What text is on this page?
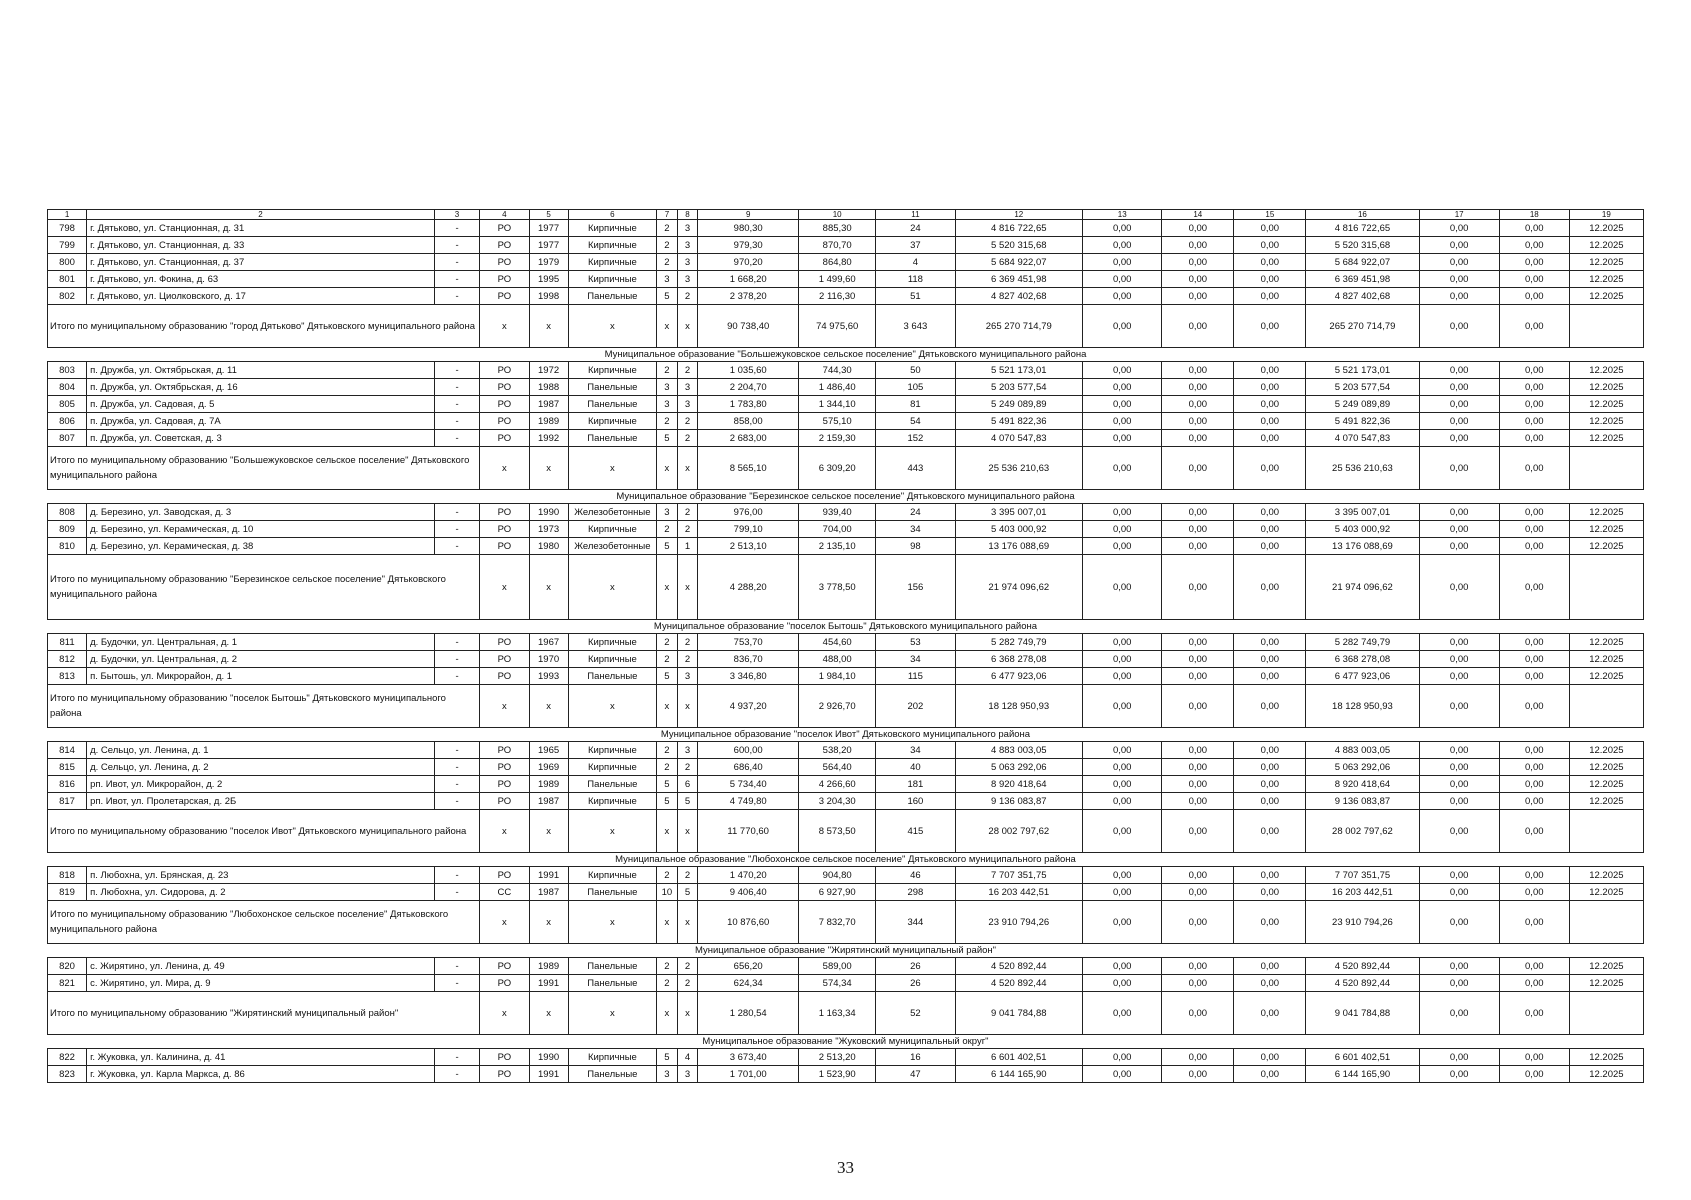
1	2	3	4	5	6	7	8	9	10	11	12	13	14	15	16	17	18	19
798	г. Дятьково, ул. Станционная, д. 31	-	РО	1977	Кирпичные	2	3	980,30	885,30	24	4 816 722,65	0,00	0,00	0,00	4 816 722,65	0,00	0,00	12.2025
799	г. Дятьково, ул. Станционная, д. 33	-	РО	1977	Кирпичные	2	3	979,30	870,70	37	5 520 315,68	0,00	0,00	0,00	5 520 315,68	0,00	0,00	12.2025
800	г. Дятьково, ул. Станционная, д. 37	-	РО	1979	Кирпичные	2	3	970,20	864,80	4	5 684 922,07	0,00	0,00	0,00	5 684 922,07	0,00	0,00	12.2025
801	г. Дятьково, ул. Фокина, д. 63	-	РО	1995	Кирпичные	3	3	1 668,20	1 499,60	118	6 369 451,98	0,00	0,00	0,00	6 369 451,98	0,00	0,00	12.2025
802	г. Дятьково, ул. Циолковского, д. 17	-	РО	1998	Панельные	5	2	2 378,20	2 116,30	51	4 827 402,68	0,00	0,00	0,00	4 827 402,68	0,00	0,00	12.2025
Итого по муниципальному образованию "город Дятьково" Дятьковского муниципального района			x	x	x	x	x	90 738,40	74 975,60	3 643	265 270 714,79	0,00	0,00	0,00	265 270 714,79	0,00	0,00	
Муниципальное образование "Большежуковское сельское поселение" Дятьковского муниципального района																		
803	п. Дружба, ул. Октябрьская, д. 11	-	РО	1972	Кирпичные	2	2	1 035,60	744,30	50	5 521 173,01	0,00	0,00	0,00	5 521 173,01	0,00	0,00	12.2025
804	п. Дружба, ул. Октябрьская, д. 16	-	РО	1988	Панельные	3	3	2 204,70	1 486,40	105	5 203 577,54	0,00	0,00	0,00	5 203 577,54	0,00	0,00	12.2025
805	п. Дружба, ул. Садовая, д. 5	-	РО	1987	Панельные	3	3	1 783,80	1 344,10	81	5 249 089,89	0,00	0,00	0,00	5 249 089,89	0,00	0,00	12.2025
806	п. Дружба, ул. Садовая, д. 7А	-	РО	1989	Кирпичные	2	2	858,00	575,10	54	5 491 822,36	0,00	0,00	0,00	5 491 822,36	0,00	0,00	12.2025
807	п. Дружба, ул. Советская, д. 3	-	РО	1992	Панельные	5	2	2 683,00	2 159,30	152	4 070 547,83	0,00	0,00	0,00	4 070 547,83	0,00	0,00	12.2025
Итого по муниципальному образованию "Большежуковское сельское поселение" Дятьковского муниципального района			x	x	x	x	x	8 565,10	6 309,20	443	25 536 210,63	0,00	0,00	0,00	25 536 210,63	0,00	0,00	
Муниципальное образование "Березинское сельское поселение" Дятьковского муниципального района																		
808	д. Березино, ул. Заводская, д. 3	-	РО	1990	Железобетонные	3	2	976,00	939,40	24	3 395 007,01	0,00	0,00	0,00	3 395 007,01	0,00	0,00	12.2025
809	д. Березино, ул. Керамическая, д. 10	-	РО	1973	Кирпичные	2	2	799,10	704,00	34	5 403 000,92	0,00	0,00	0,00	5 403 000,92	0,00	0,00	12.2025
810	д. Березино, ул. Керамическая, д. 38	-	РО	1980	Железобетонные	5	1	2 513,10	2 135,10	98	13 176 088,69	0,00	0,00	0,00	13 176 088,69	0,00	0,00	12.2025
Итого по муниципальному образованию "Березинское сельское поселение" Дятьковского муниципального района			x	x	x	x	x	4 288,20	3 778,50	156	21 974 096,62	0,00	0,00	0,00	21 974 096,62	0,00	0,00	
Муниципальное образование "поселок Бытошь" Дятьковского муниципального района																		
811	д. Будочки, ул. Центральная, д. 1	-	РО	1967	Кирпичные	2	2	753,70	454,60	53	5 282 749,79	0,00	0,00	0,00	5 282 749,79	0,00	0,00	12.2025
812	д. Будочки, ул. Центральная, д. 2	-	РО	1970	Кирпичные	2	2	836,70	488,00	34	6 368 278,08	0,00	0,00	0,00	6 368 278,08	0,00	0,00	12.2025
813	п. Бытошь, ул. Микрорайон, д. 1	-	РО	1993	Панельные	5	3	3 346,80	1 984,10	115	6 477 923,06	0,00	0,00	0,00	6 477 923,06	0,00	0,00	12.2025
Итого по муниципальному образованию "поселок Бытошь" Дятьковского муниципального района			x	x	x	x	x	4 937,20	2 926,70	202	18 128 950,93	0,00	0,00	0,00	18 128 950,93	0,00	0,00	
Муниципальное образование "поселок Ивот" Дятьковского муниципального района																		
814	д. Сельцо, ул. Ленина, д. 1	-	РО	1965	Кирпичные	2	3	600,00	538,20	34	4 883 003,05	0,00	0,00	0,00	4 883 003,05	0,00	0,00	12.2025
815	д. Сельцо, ул. Ленина, д. 2	-	РО	1969	Кирпичные	2	2	686,40	564,40	40	5 063 292,06	0,00	0,00	0,00	5 063 292,06	0,00	0,00	12.2025
816	рп. Ивот, ул. Микрорайон, д. 2	-	РО	1989	Панельные	5	6	5 734,40	4 266,60	181	8 920 418,64	0,00	0,00	0,00	8 920 418,64	0,00	0,00	12.2025
817	рп. Ивот, ул. Пролетарская, д. 2Б	-	РО	1987	Кирпичные	5	5	4 749,80	3 204,30	160	9 136 083,87	0,00	0,00	0,00	9 136 083,87	0,00	0,00	12.2025
Итого по муниципальному образованию "поселок Ивот" Дятьковского муниципального района			x	x	x	x	x	11 770,60	8 573,50	415	28 002 797,62	0,00	0,00	0,00	28 002 797,62	0,00	0,00	
Муниципальное образование "Любохонское сельское поселение" Дятьковского муниципального района																		
818	п. Любохна, ул. Брянская, д. 23	-	РО	1991	Кирпичные	2	2	1 470,20	904,80	46	7 707 351,75	0,00	0,00	0,00	7 707 351,75	0,00	0,00	12.2025
819	п. Любохна, ул. Сидорова, д. 2	-	СС	1987	Панельные	10	5	9 406,40	6 927,90	298	16 203 442,51	0,00	0,00	0,00	16 203 442,51	0,00	0,00	12.2025
Итого по муниципальному образованию "Любохонское сельское поселение" Дятьковского муниципального района			x	x	x	x	x	10 876,60	7 832,70	344	23 910 794,26	0,00	0,00	0,00	23 910 794,26	0,00	0,00	
Муниципальное образование "Жирятинский муниципальный район"																		
820	с. Жирятино, ул. Ленина, д. 49	-	РО	1989	Панельные	2	2	656,20	589,00	26	4 520 892,44	0,00	0,00	0,00	4 520 892,44	0,00	0,00	12.2025
821	с. Жирятино, ул. Мира, д. 9	-	РО	1991	Панельные	2	2	624,34	574,34	26	4 520 892,44	0,00	0,00	0,00	4 520 892,44	0,00	0,00	12.2025
Итого по муниципальному образованию "Жирятинский муниципальный район"			x	x	x	x	x	1 280,54	1 163,34	52	9 041 784,88	0,00	0,00	0,00	9 041 784,88	0,00	0,00	
Муниципальное образование "Жуковский муниципальный округ"																		
822	г. Жуковка, ул. Калинина, д. 41	-	РО	1990	Кирпичные	5	4	3 673,40	2 513,20	16	6 601 402,51	0,00	0,00	0,00	6 601 402,51	0,00	0,00	12.2025
823	г. Жуковка, ул. Карла Маркса, д. 86	-	РО	1991	Панельные	3	3	1 701,00	1 523,90	47	6 144 165,90	0,00	0,00	0,00	6 144 165,90	0,00	0,00	12.2025
33
